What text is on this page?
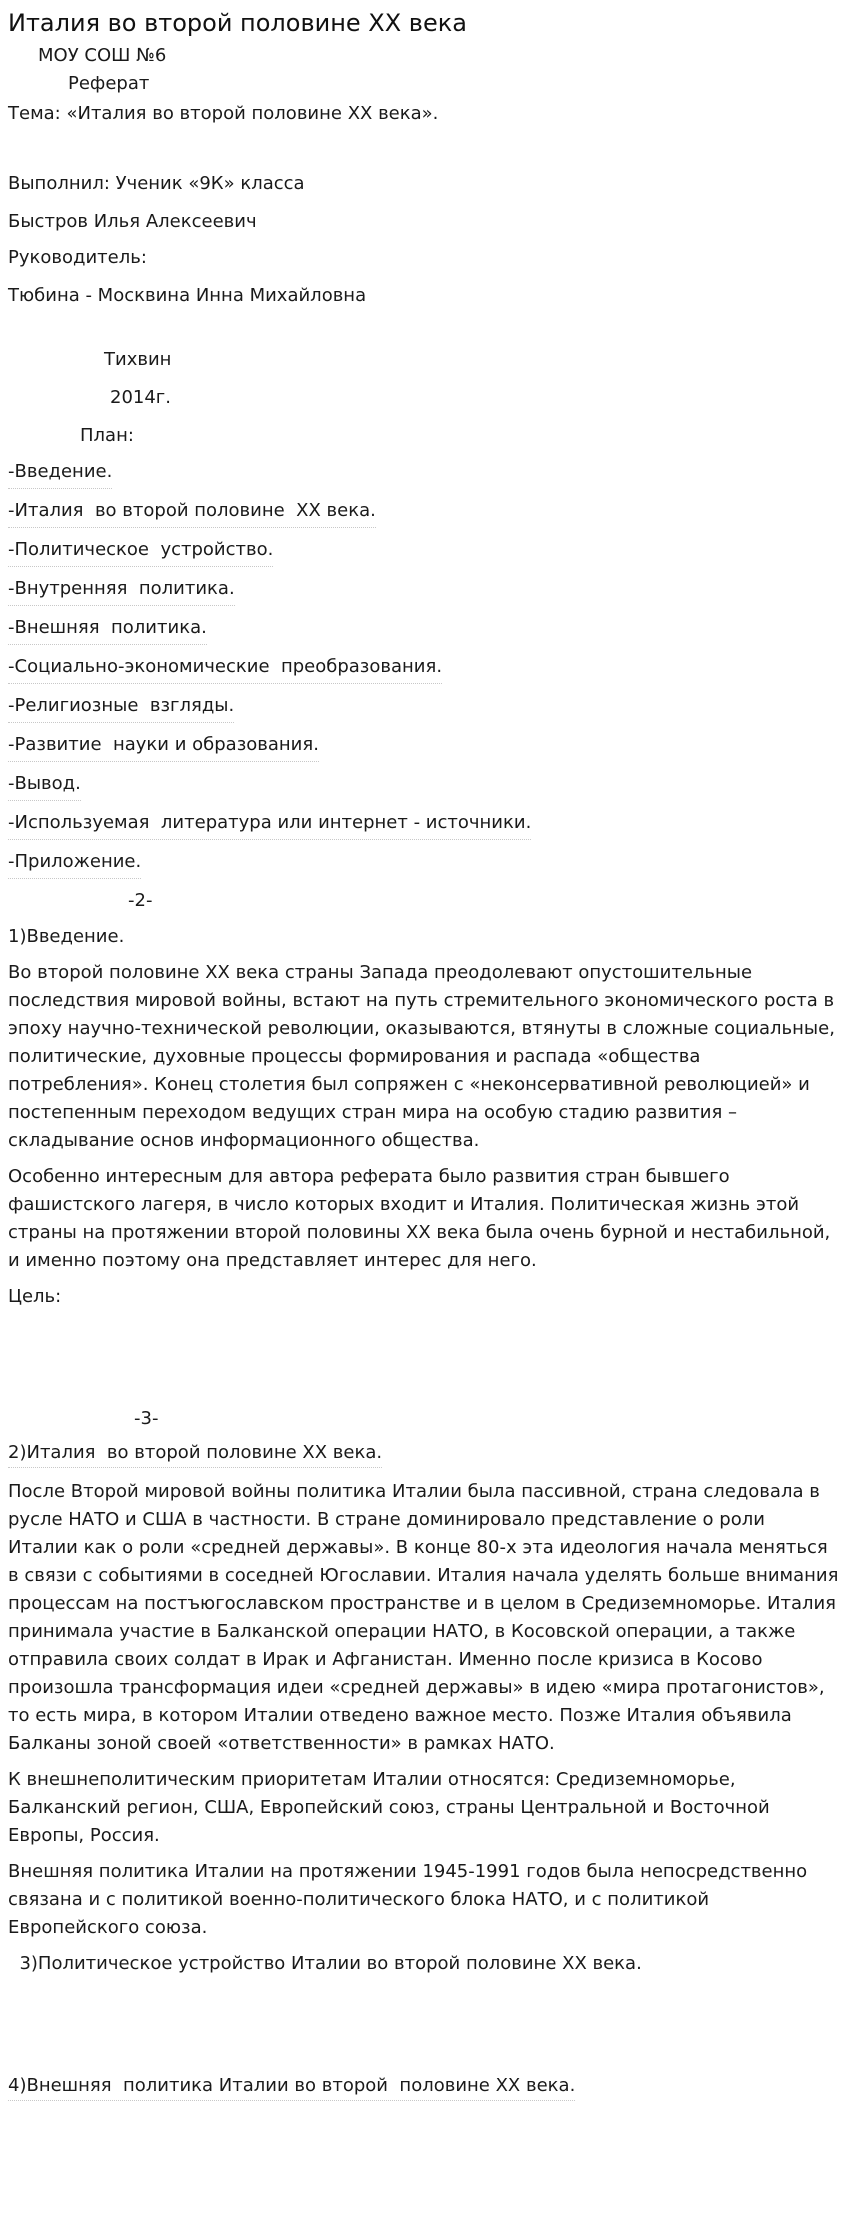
Италия во второй половине XX века

МОУ СОШ №6

Реферат

Тема: «Италия во второй половине XX века».

Выполнил: Ученик «9К» класса

Быстров Илья Алексеевич

Руководитель:

Тюбина - Москвина Инна Михайловна

Тихвин

2014г.

План:

-Введение.

-Италия  во второй половине  XX века.

-Политическое  устройство.

-Внутренняя  политика.

-Внешняя  политика.

-Социально-экономические  преобразования.

-Религиозные  взгляды.

-Развитие  науки и образования.

-Вывод.

-Используемая  литература или интернет - источники.

-Приложение.

-2-

1)Введение.

Во второй половине XX века страны Запада преодолевают опустошительные последствия мировой войны, встают на путь стремительного экономического роста в эпоху научно-технической революции, оказываются, втянуты в сложные социальные, политические, духовные процессы формирования и распада «общества потребления». Конец столетия был сопряжен с «неконсервативной революцией» и постепенным переходом ведущих стран мира на особую стадию развития – складывание основ информационного общества.

Особенно интересным для автора реферата было развития стран бывшего фашистского лагеря, в число которых входит и Италия. Политическая жизнь этой страны на протяжении второй половины XX века была очень бурной и нестабильной, и именно поэтому она представляет интерес для него.

Цель:

-3-

2)Италия  во второй половине XX века.

После Второй мировой войны политика Италии была пассивной, страна следовала в русле НАТО и США в частности. В стране доминировало представление о роли Италии как о роли «средней державы». В конце 80-х эта идеология начала меняться в связи с событиями в соседней Югославии. Италия начала уделять больше внимания процессам на постъюгославском пространстве и в целом в Средиземноморье. Италия принимала участие в Балканской операции НАТО, в Косовской операции, а также отправила своих солдат в Ирак и Афганистан. Именно после кризиса в Косово произошла трансформация идеи «средней державы» в идею «мира протагонистов», то есть мира, в котором Италии отведено важное место. Позже Италия объявила Балканы зоной своей «ответственности» в рамках НАТО.

К внешнеполитическим приоритетам Италии относятся: Средиземноморье, Балканский регион, США, Европейский союз, страны Центральной и Восточной Европы, Россия.

Внешняя политика Италии на протяжении 1945-1991 годов была непосредственно связана и с политикой военно-политического блока НАТО, и с политикой Европейского союза.

3)Политическое устройство Италии во второй половине XX века.

4)Внешняя  политика Италии во второй  половине XX века.
